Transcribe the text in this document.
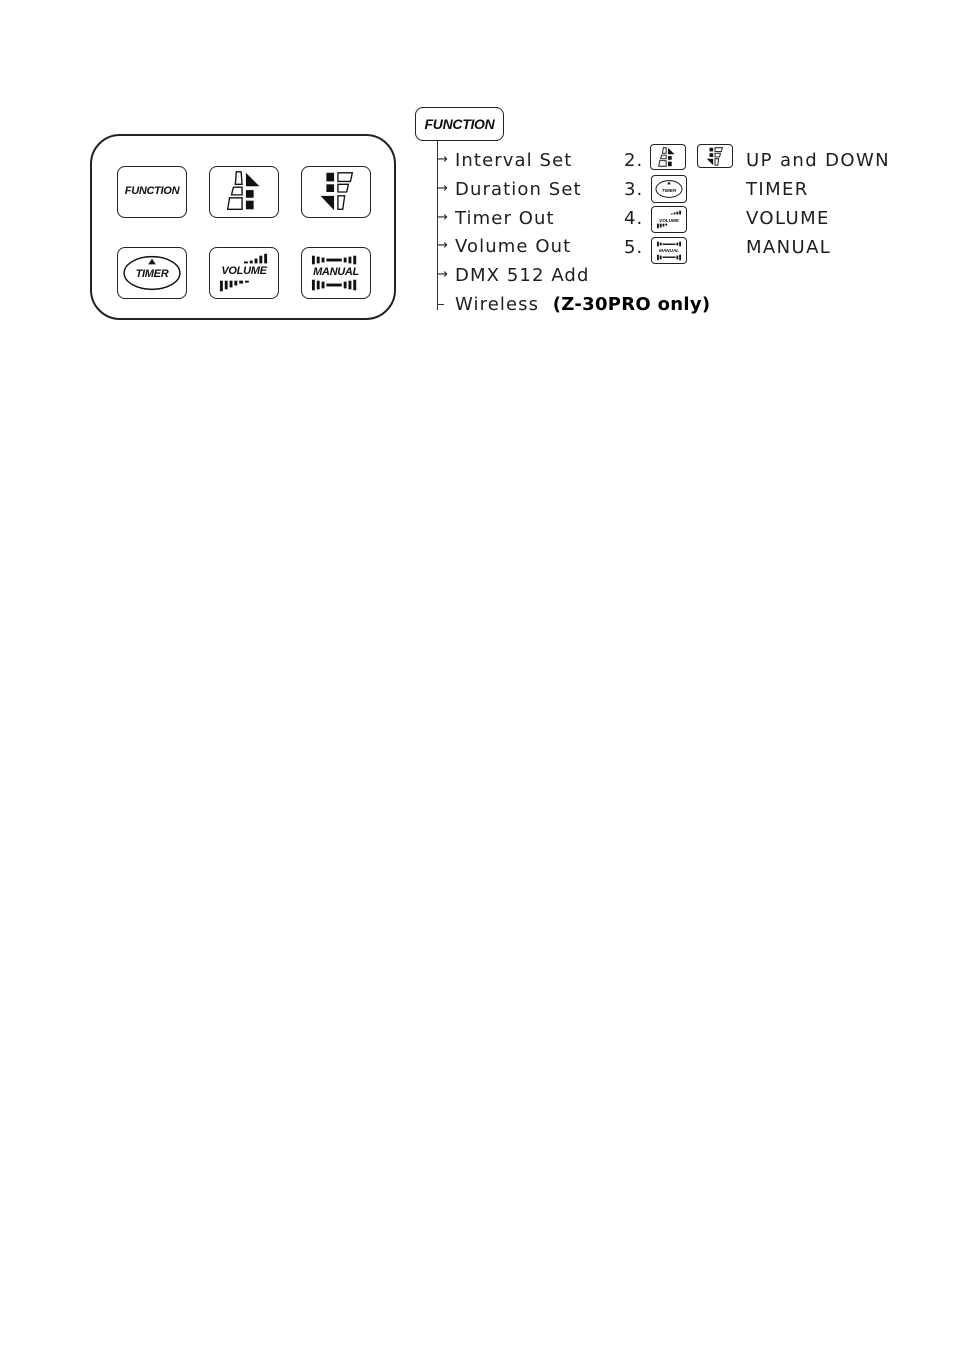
FUNCTION
TIMER	VOLUME	MANUAL
FUNCTION
→ Interval Set
→ Duration Set
→ Timer Out
→ Volume Out
→ DMX 512 Add
Wireless (Z-30PRO only)
2.	UP and DOWN
3.	TIMER	TIMER
4.	VOLUME	VOLUME
5.	MANUAL	MANUAL
